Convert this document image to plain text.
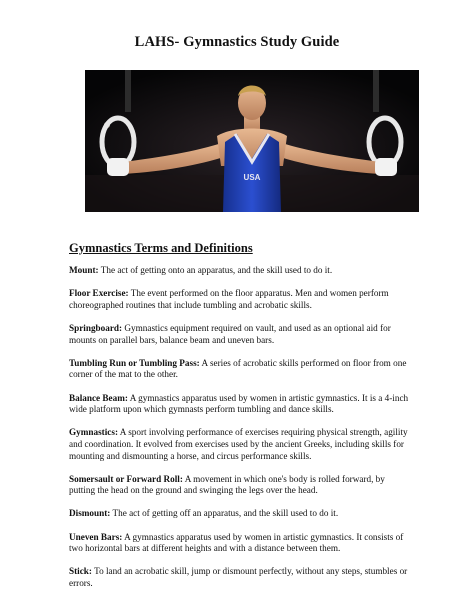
LAHS- Gymnastics Study Guide
USA
Gymnastics Terms and Definitions

Mount: The act of getting onto an apparatus, and the skill used to do it.

Floor Exercise: The event performed on the floor apparatus. Men and women perform choreographed routines that include tumbling and acrobatic skills.

Springboard: Gymnastics equipment required on vault, and used as an optional aid for mounts on parallel bars, balance beam and uneven bars.

Tumbling Run or Tumbling Pass: A series of acrobatic skills performed on floor from one corner of the mat to the other.

Balance Beam: A gymnastics apparatus used by women in artistic gymnastics. It is a 4-inch wide platform upon which gymnasts perform tumbling and dance skills.

Gymnastics: A sport involving performance of exercises requiring physical strength, agility and coordination. It evolved from exercises used by the ancient Greeks, including skills for mounting and dismounting a horse, and circus performance skills.

Somersault or Forward Roll: A movement in which one's body is rolled forward, by putting the head on the ground and swinging the legs over the head.

Dismount: The act of getting off an apparatus, and the skill used to do it.

Uneven Bars: A gymnastics apparatus used by women in artistic gymnastics. It consists of two horizontal bars at different heights and with a distance between them.

Stick: To land an acrobatic skill, jump or dismount perfectly, without any steps, stumbles or errors.
